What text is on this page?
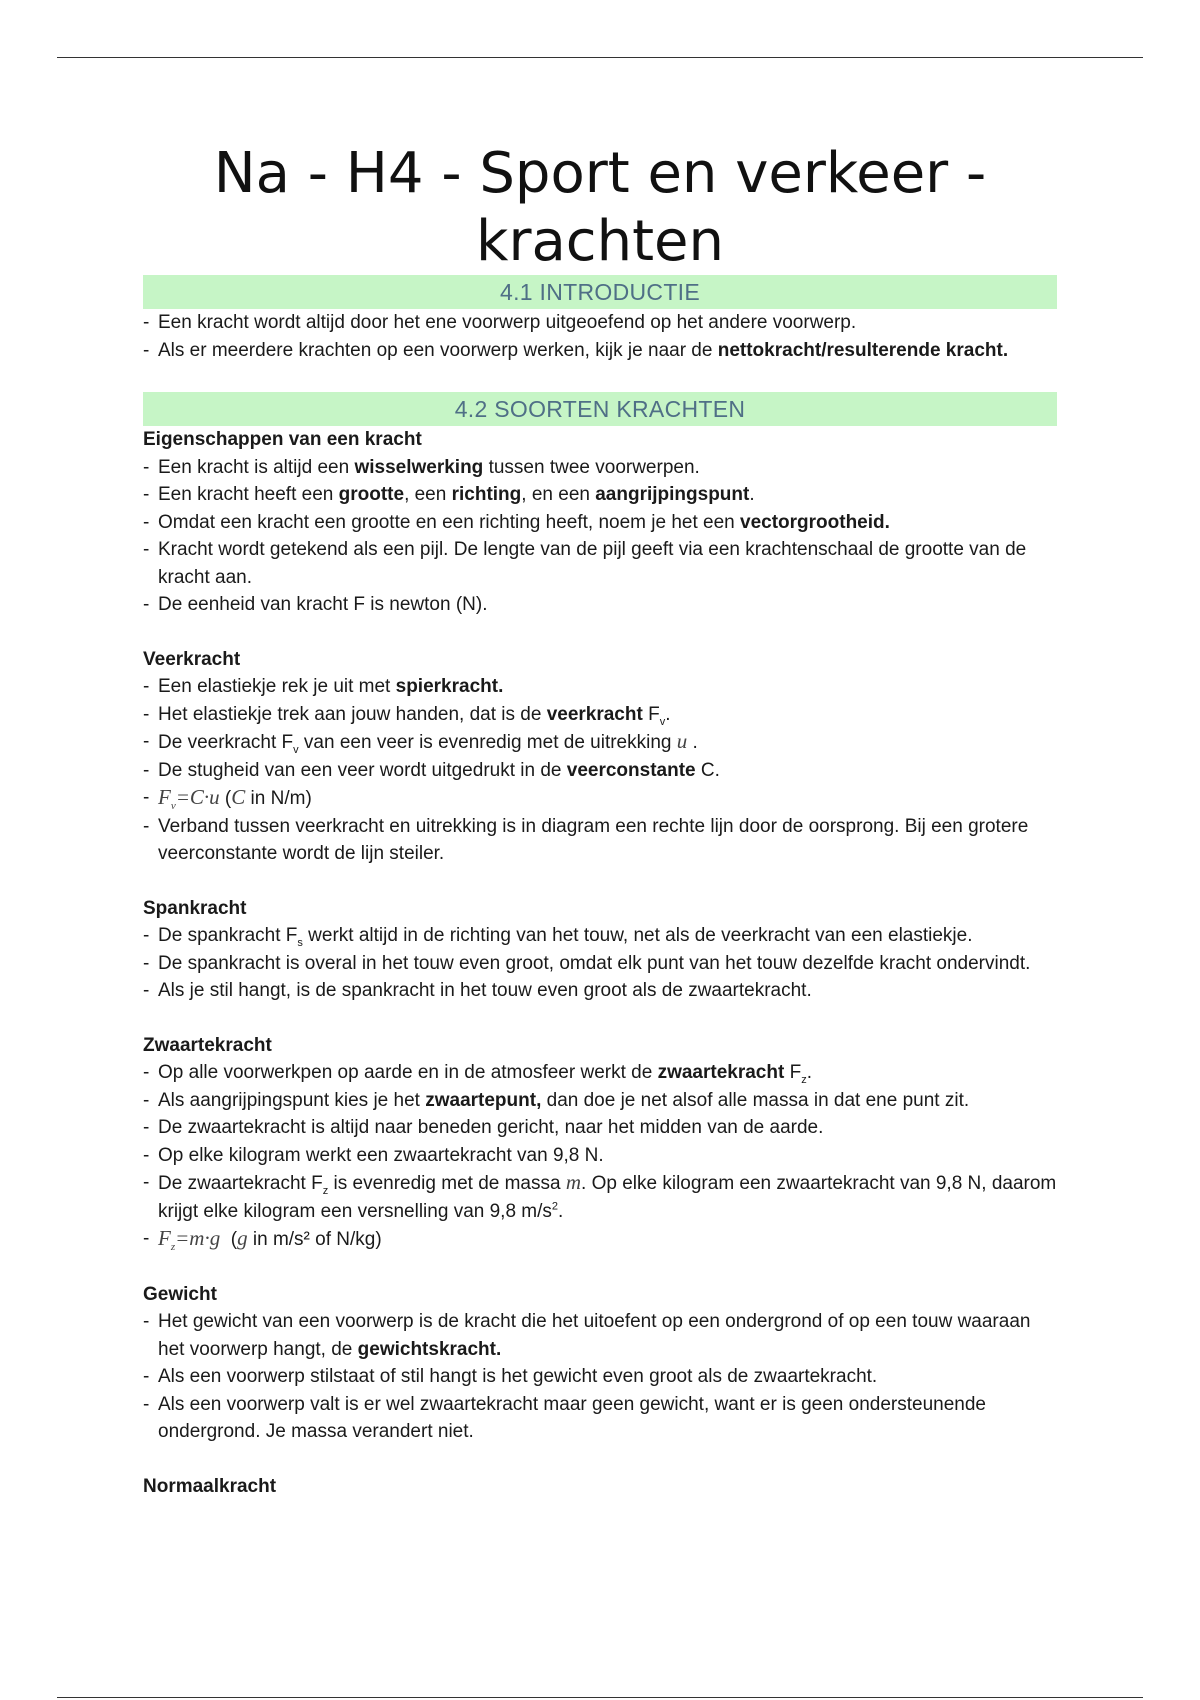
Na - H4 - Sport en verkeer -
krachten
4.1 INTRODUCTIE
- Een kracht wordt altijd door het ene voorwerp uitgeoefend op het andere voorwerp.
- Als er meerdere krachten op een voorwerp werken, kijk je naar de nettokracht/resulterende kracht.
4.2 SOORTEN KRACHTEN
Eigenschappen van een kracht
- Een kracht is altijd een wisselwerking tussen twee voorwerpen.
- Een kracht heeft een grootte, een richting, en een aangrijpingspunt.
- Omdat een kracht een grootte en een richting heeft, noem je het een vectorgrootheid.
- Kracht wordt getekend als een pijl. De lengte van de pijl geeft via een krachtenschaal de grootte van de kracht aan.
- De eenheid van kracht F is newton (N).
Veerkracht
- Een elastiekje rek je uit met spierkracht.
- Het elastiekje trek aan jouw handen, dat is de veerkracht $F_v$.
- De veerkracht $F_v$ van een veer is evenredig met de uitrekking u .
- De stugheid van een veer wordt uitgedrukt in de veerconstante C.
- $F_v=C\cdot u$ (C in N/m)
- Verband tussen veerkracht en uitrekking is in diagram een rechte lijn door de oorsprong. Bij een grotere veerconstante wordt de lijn steiler.
Spankracht
- De spankracht $F_s$ werkt altijd in de richting van het touw, net als de veerkracht van een elastiekje.
- De spankracht is overal in het touw even groot, omdat elk punt van het touw dezelfde kracht ondervindt.
- Als je stil hangt, is de spankracht in het touw even groot als de zwaartekracht.
Zwaartekracht
- Op alle voorwerkpen op aarde en in de atmosfeer werkt de zwaartekracht $F_z$.
- Als aangrijpingspunt kies je het zwaartepunt, dan doe je net alsof alle massa in dat ene punt zit.
- De zwaartekracht is altijd naar beneden gericht, naar het midden van de aarde.
- Op elke kilogram werkt een zwaartekracht van 9,8 N.
- De zwaartekracht $F_z$ is evenredig met de massa m. Op elke kilogram een zwaartekracht van 9,8 N, daarom krijgt elke kilogram een versnelling van 9,8 $m/s^2$.
- $F_z=m\cdot g$  (g in m/s² of N/kg)
Gewicht
- Het gewicht van een voorwerp is de kracht die het uitoefent op een ondergrond of op een touw waaraan het voorwerp hangt, de gewichtskracht.
- Als een voorwerp stilstaat of stil hangt is het gewicht even groot als de zwaartekracht.
- Als een voorwerp valt is er wel zwaartekracht maar geen gewicht, want er is geen ondersteunende ondergrond. Je massa verandert niet.
Normaalkracht
